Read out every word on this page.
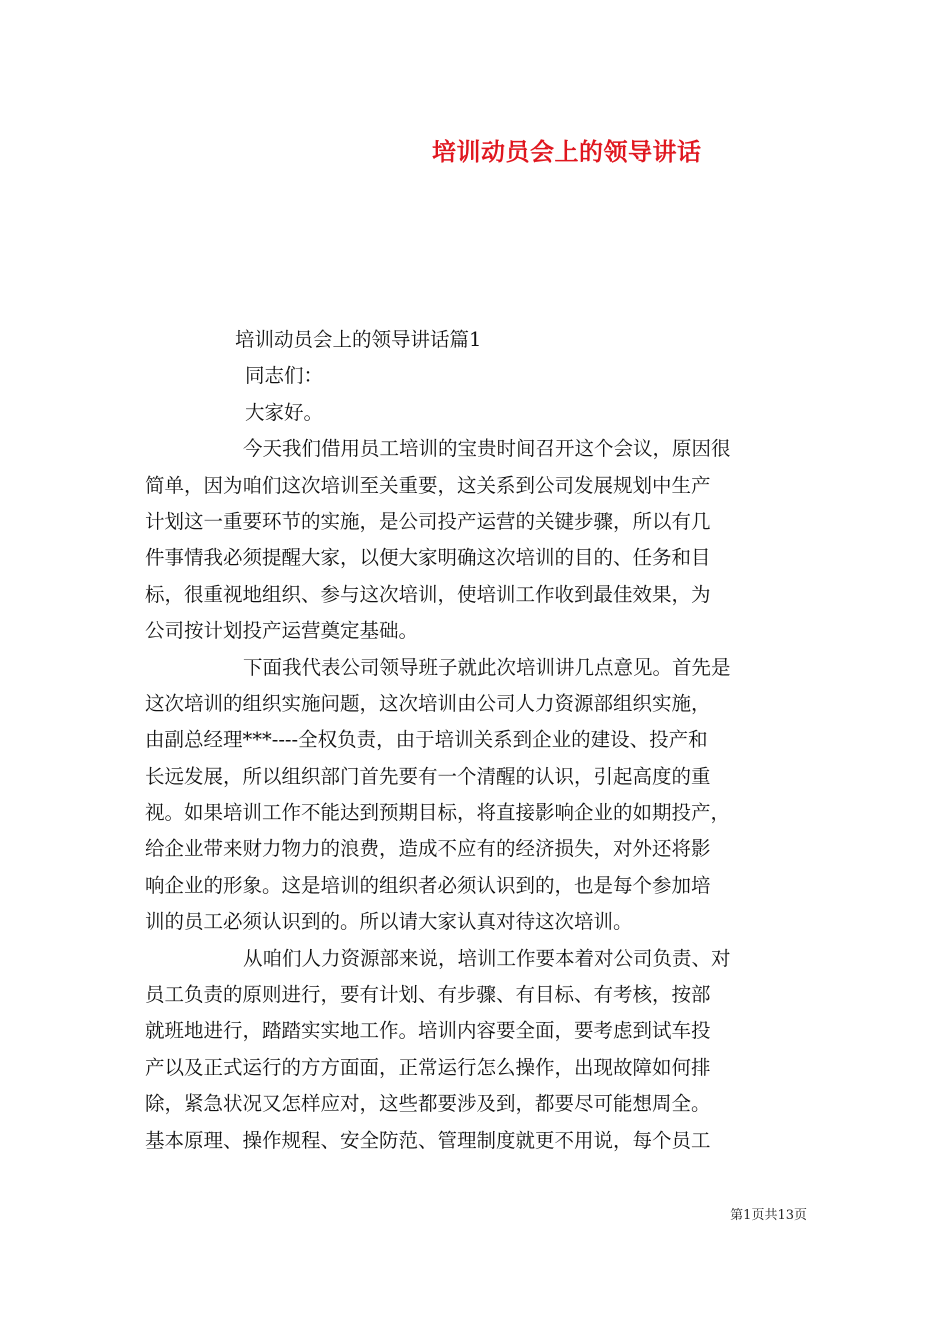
培训动员会上的领导讲话
培训动员会上的领导讲话篇1
同志们：
大家好。
今天我们借用员工培训的宝贵时间召开这个会议，原因很
简单，因为咱们这次培训至关重要，这关系到公司发展规划中生产
计划这一重要环节的实施，是公司投产运营的关键步骤，所以有几
件事情我必须提醒大家，以便大家明确这次培训的目的、任务和目
标，很重视地组织、参与这次培训，使培训工作收到最佳效果，为
公司按计划投产运营奠定基础。
下面我代表公司领导班子就此次培训讲几点意见。首先是
这次培训的组织实施问题，这次培训由公司人力资源部组织实施，
由副总经理***----全权负责，由于培训关系到企业的建设、投产和
长远发展，所以组织部门首先要有一个清醒的认识，引起高度的重
视。如果培训工作不能达到预期目标，将直接影响企业的如期投产，
给企业带来财力物力的浪费，造成不应有的经济损失，对外还将影
响企业的形象。这是培训的组织者必须认识到的，也是每个参加培
训的员工必须认识到的。所以请大家认真对待这次培训。
从咱们人力资源部来说，培训工作要本着对公司负责、对
员工负责的原则进行，要有计划、有步骤、有目标、有考核，按部
就班地进行，踏踏实实地工作。培训内容要全面，要考虑到试车投
产以及正式运行的方方面面，正常运行怎么操作，出现故障如何排
除，紧急状况又怎样应对，这些都要涉及到，都要尽可能想周全。
基本原理、操作规程、安全防范、管理制度就更不用说，每个员工
第1页共13页
